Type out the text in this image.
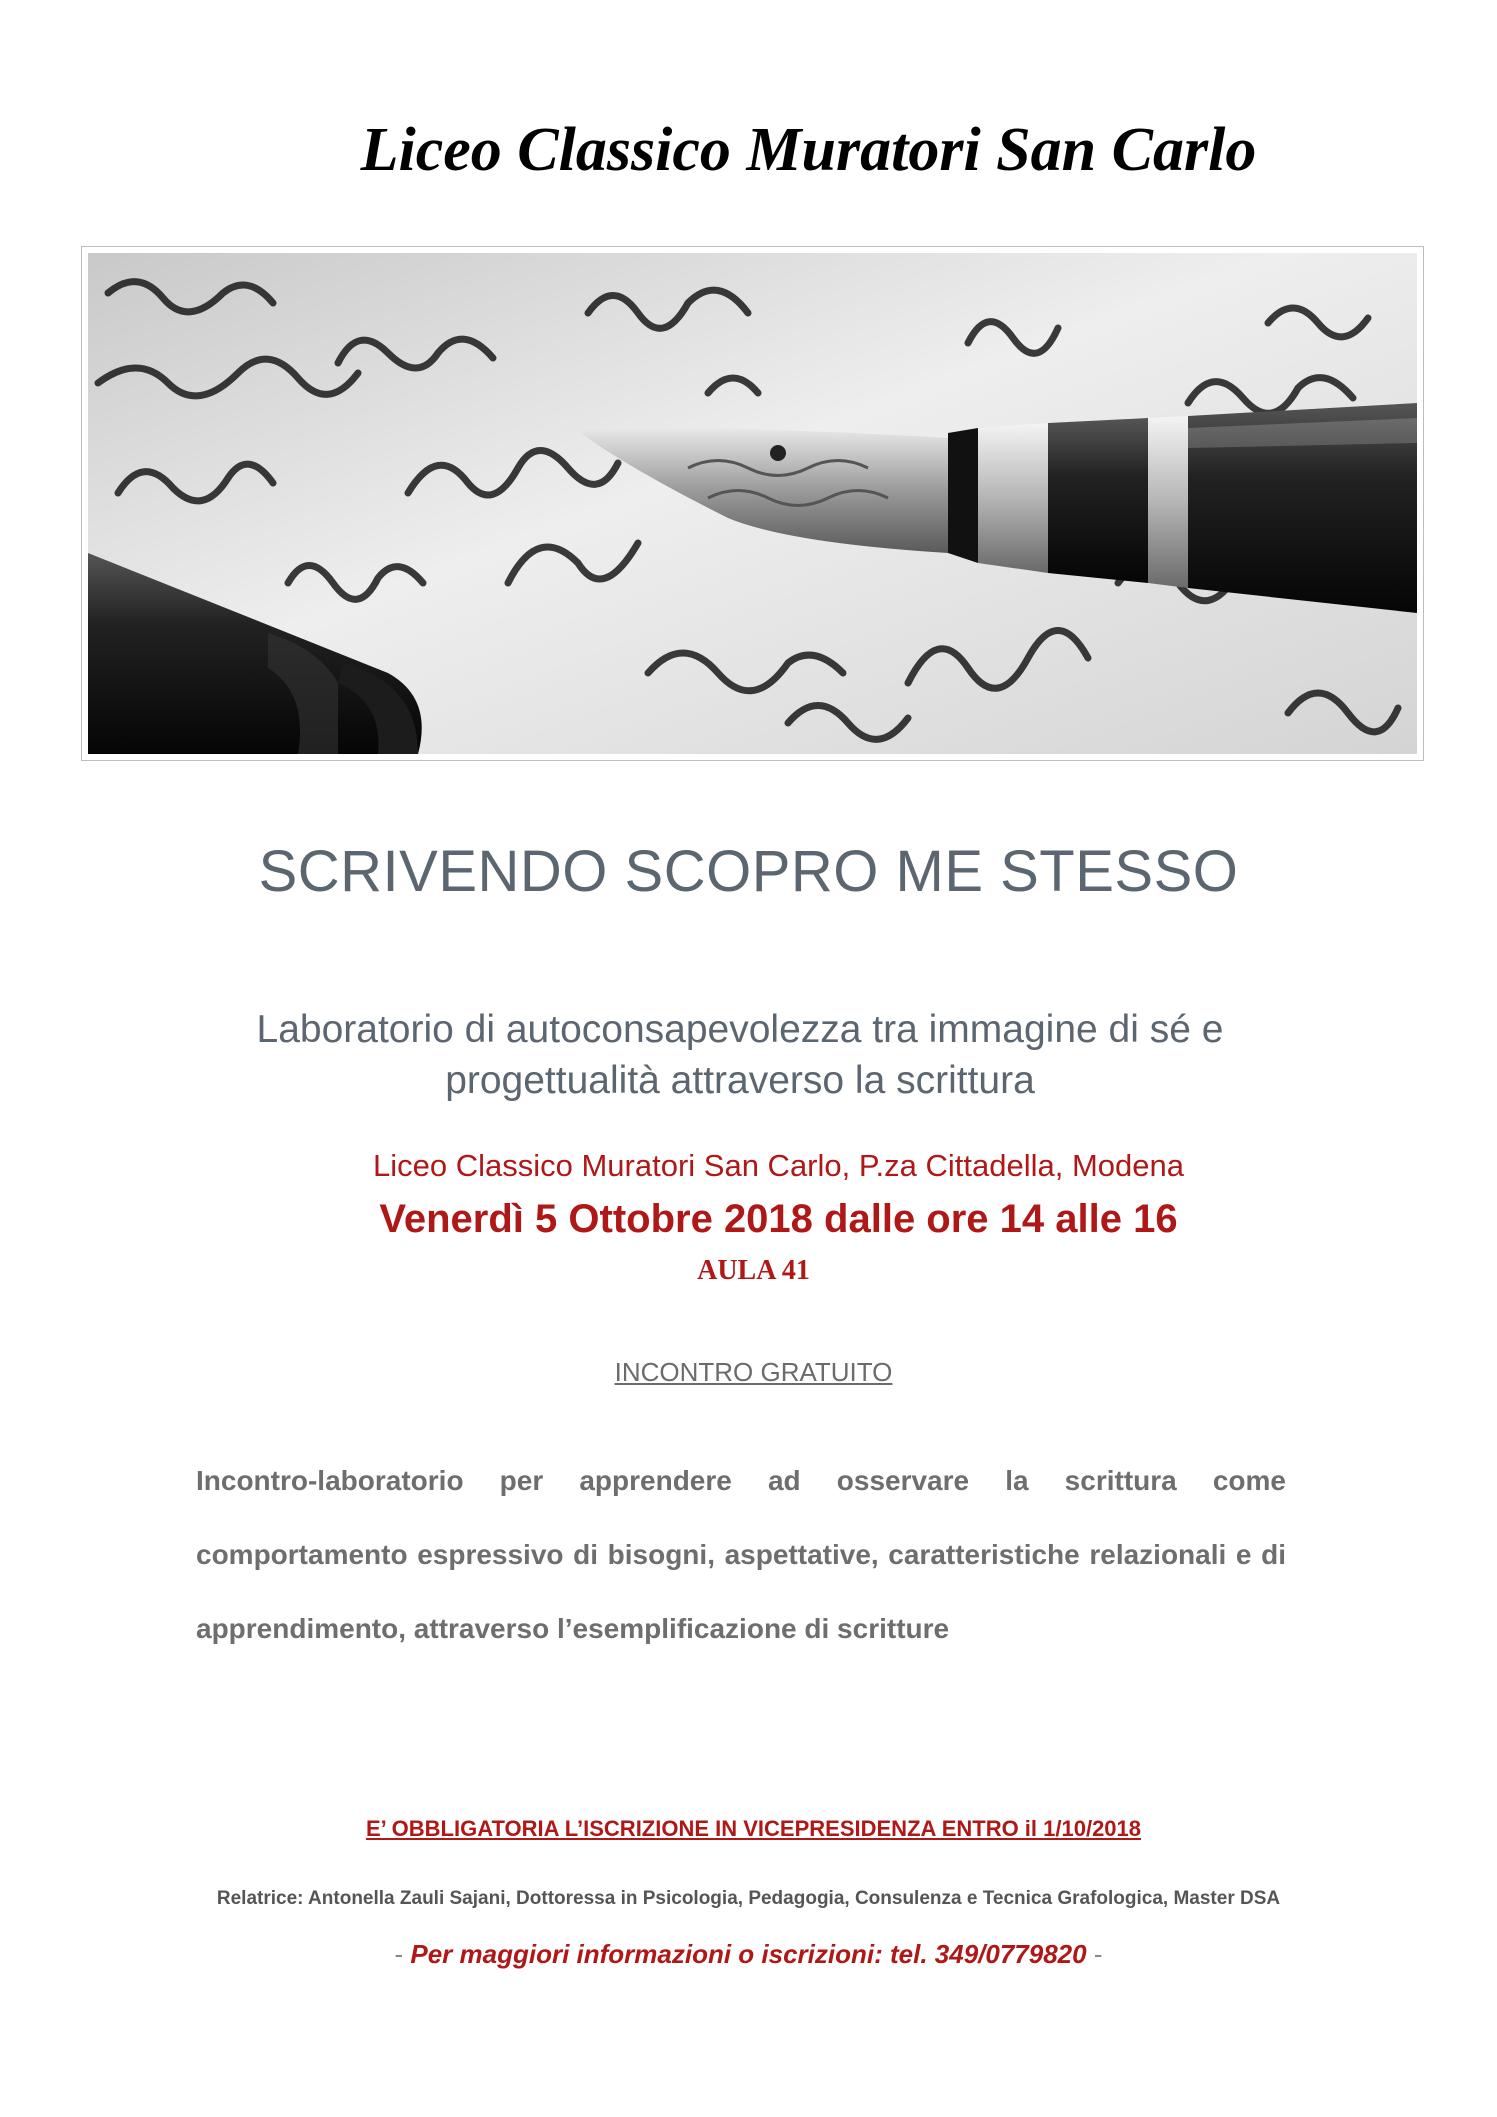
Liceo Classico Muratori San Carlo
SCRIVENDO SCOPRO ME STESSO
Laboratorio di autoconsapevolezza tra immagine di sé e
progettualità attraverso la scrittura
Liceo Classico Muratori San Carlo, P.za Cittadella, Modena
Venerdì 5 Ottobre 2018 dalle ore 14 alle 16
AULA 41
INCONTRO GRATUITO
Incontro-laboratorio per apprendere ad osservare la scrittura come comportamento espressivo di bisogni, aspettative, caratteristiche relazionali e di apprendimento, attraverso l’esemplificazione di scritture
E’ OBBLIGATORIA L’ISCRIZIONE IN VICEPRESIDENZA ENTRO il 1/10/2018
Relatrice: Antonella Zauli Sajani, Dottoressa in Psicologia, Pedagogia, Consulenza e Tecnica Grafologica, Master DSA
- Per maggiori informazioni o iscrizioni: tel. 349/0779820 -
